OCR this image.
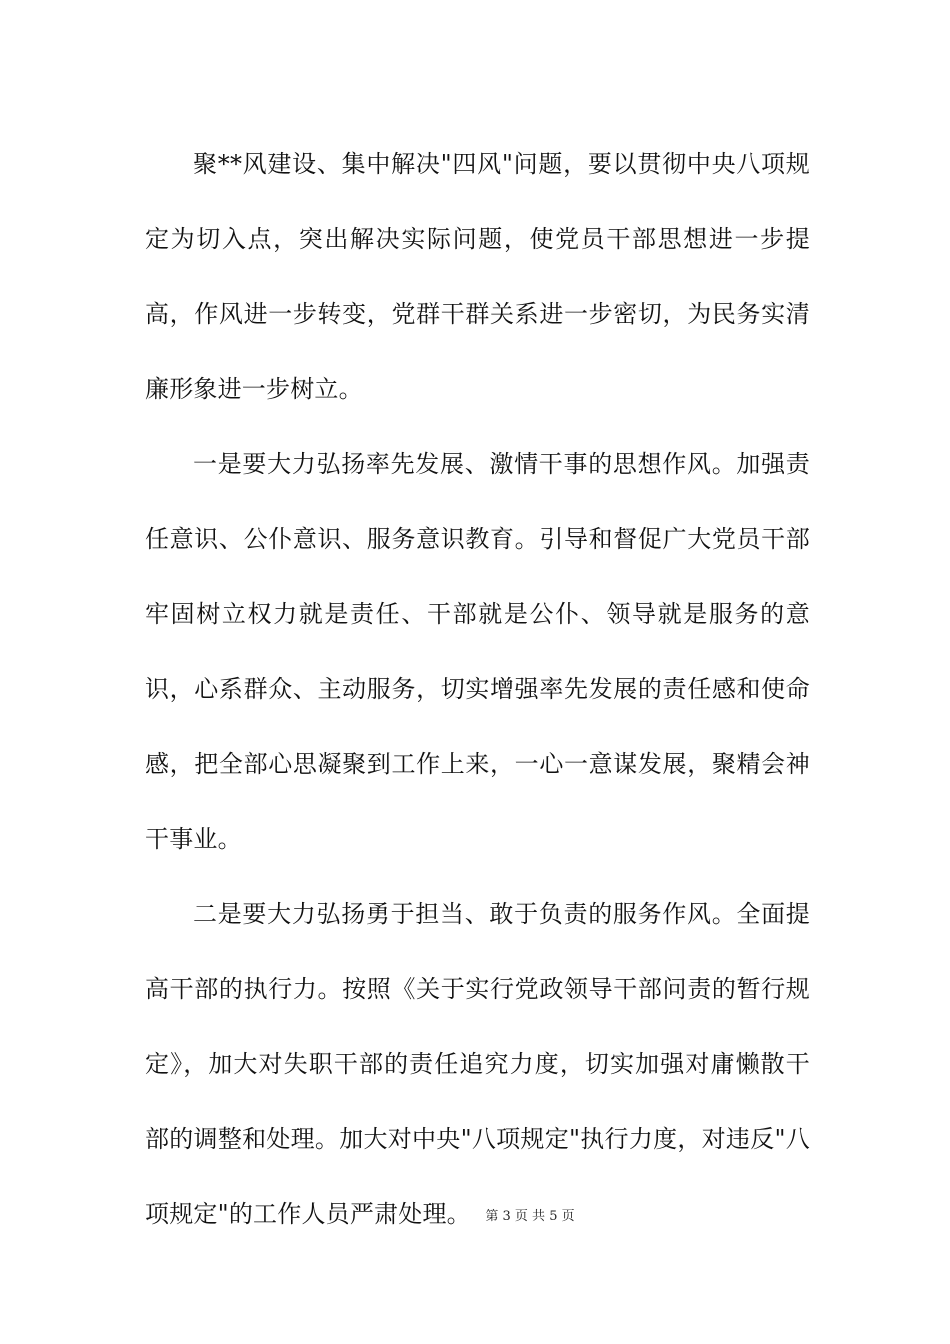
聚**风建设、集中解决"四风"问题，要以贯彻中央八项规定为切入点，突出解决实际问题，使党员干部思想进一步提高，作风进一步转变，党群干群关系进一步密切，为民务实清廉形象进一步树立。

一是要大力弘扬率先发展、激情干事的思想作风。加强责任意识、公仆意识、服务意识教育。引导和督促广大党员干部牢固树立权力就是责任、干部就是公仆、领导就是服务的意识，心系群众、主动服务，切实增强率先发展的责任感和使命感，把全部心思凝聚到工作上来，一心一意谋发展，聚精会神干事业。

二是要大力弘扬勇于担当、敢于负责的服务作风。全面提高干部的执行力。按照《关于实行党政领导干部问责的暂行规定》，加大对失职干部的责任追究力度，切实加强对庸懒散干部的调整和处理。加大对中央"八项规定"执行力度，对违反"八项规定"的工作人员严肃处理。	第 3 页 共 5 页
